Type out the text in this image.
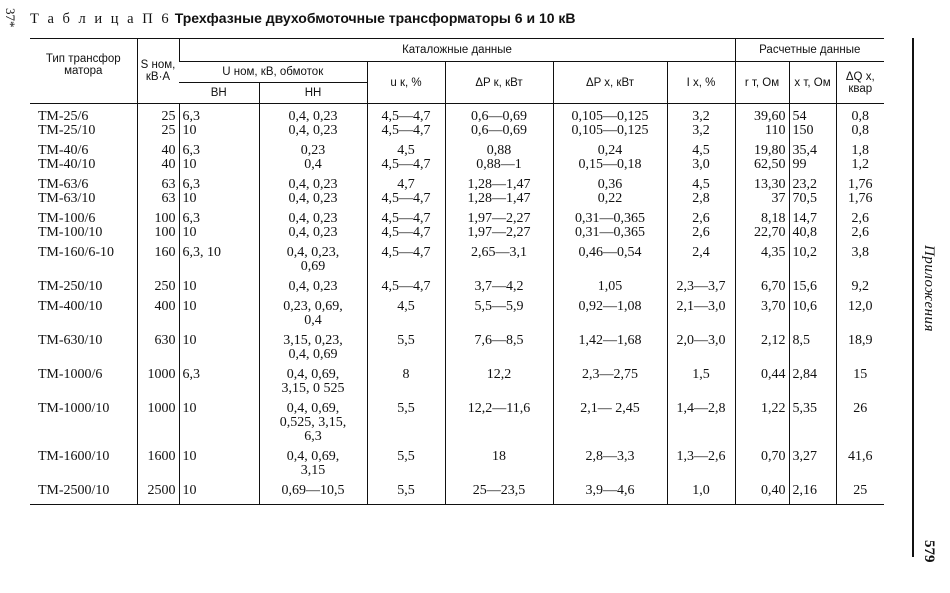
37* Т а б л и ц а П 6 Трехфазные двухобмоточные трансформаторы 6 и 10 кВ
Тип трансфор матора	S ном, кВ·А	Каталожные данные						Расчетные данные		
		U ном, кВ, обмоток		u к, %	ΔP к, кВт	ΔP х, кВт	I х, %	r т, Ом	x т, Ом	ΔQ х, квар
		ВН	НН							

ТМ-25/6	25	6,3	0,4, 0,23	4,5—4,7	0,6—0,69	0,105—0,125	3,2	39,60	54	0,8
ТМ-25/10	25	10	0,4, 0,23	4,5—4,7	0,6—0,69	0,105—0,125	3,2	110	150	0,8

ТМ-40/6	40	6,3	0,23	4,5	0,88	0,24	4,5	19,80	35,4	1,8
ТМ-40/10	40	10	0,4	4,5—4,7	0,88—1	0,15—0,18	3,0	62,50	99	1,2

ТМ-63/6	63	6,3	0,4, 0,23	4,7	1,28—1,47	0,36	4,5	13,30	23,2	1,76
ТМ-63/10	63	10	0,4, 0,23	4,5—4,7	1,28—1,47	0,22	2,8	37	70,5	1,76

ТМ-100/6	100	6,3	0,4, 0,23	4,5—4,7	1,97—2,27	0,31—0,365	2,6	8,18	14,7	2,6
ТМ-100/10	100	10	0,4, 0,23	4,5—4,7	1,97—2,27	0,31—0,365	2,6	22,70	40,8	2,6

ТМ-160/6-10	160	6,3, 10	0,4, 0,23,
0,69	4,5—4,7	2,65—3,1	0,46—0,54	2,4	4,35	10,2	3,8

ТМ-250/10	250	10	0,4, 0,23	4,5—4,7	3,7—4,2	1,05	2,3—3,7	6,70	15,6	9,2

ТМ-400/10	400	10	0,23, 0,69,
0,4	4,5	5,5—5,9	0,92—1,08	2,1—3,0	3,70	10,6	12,0

ТМ-630/10	630	10	3,15, 0,23,
0,4, 0,69	5,5	7,6—8,5	1,42—1,68	2,0—3,0	2,12	8,5	18,9

ТМ-1000/6	1000	6,3	0,4, 0,69,
3,15, 0 525	8	12,2	2,3—2,75	1,5	0,44	2,84	15

ТМ-1000/10	1000	10	0,4, 0,69,
0,525, 3,15,
6,3	5,5	12,2—11,6	2,1— 2,45	1,4—2,8	1,22	5,35	26

ТМ-1600/10	1600	10	0,4, 0,69,
3,15	5,5	18	2,8—3,3	1,3—2,6	0,70	3,27	41,6

ТМ-2500/10	2500	10	0,69—10,5	5,5	25—23,5	3,9—4,6	1,0	0,40	2,16	25
Приложения
579
